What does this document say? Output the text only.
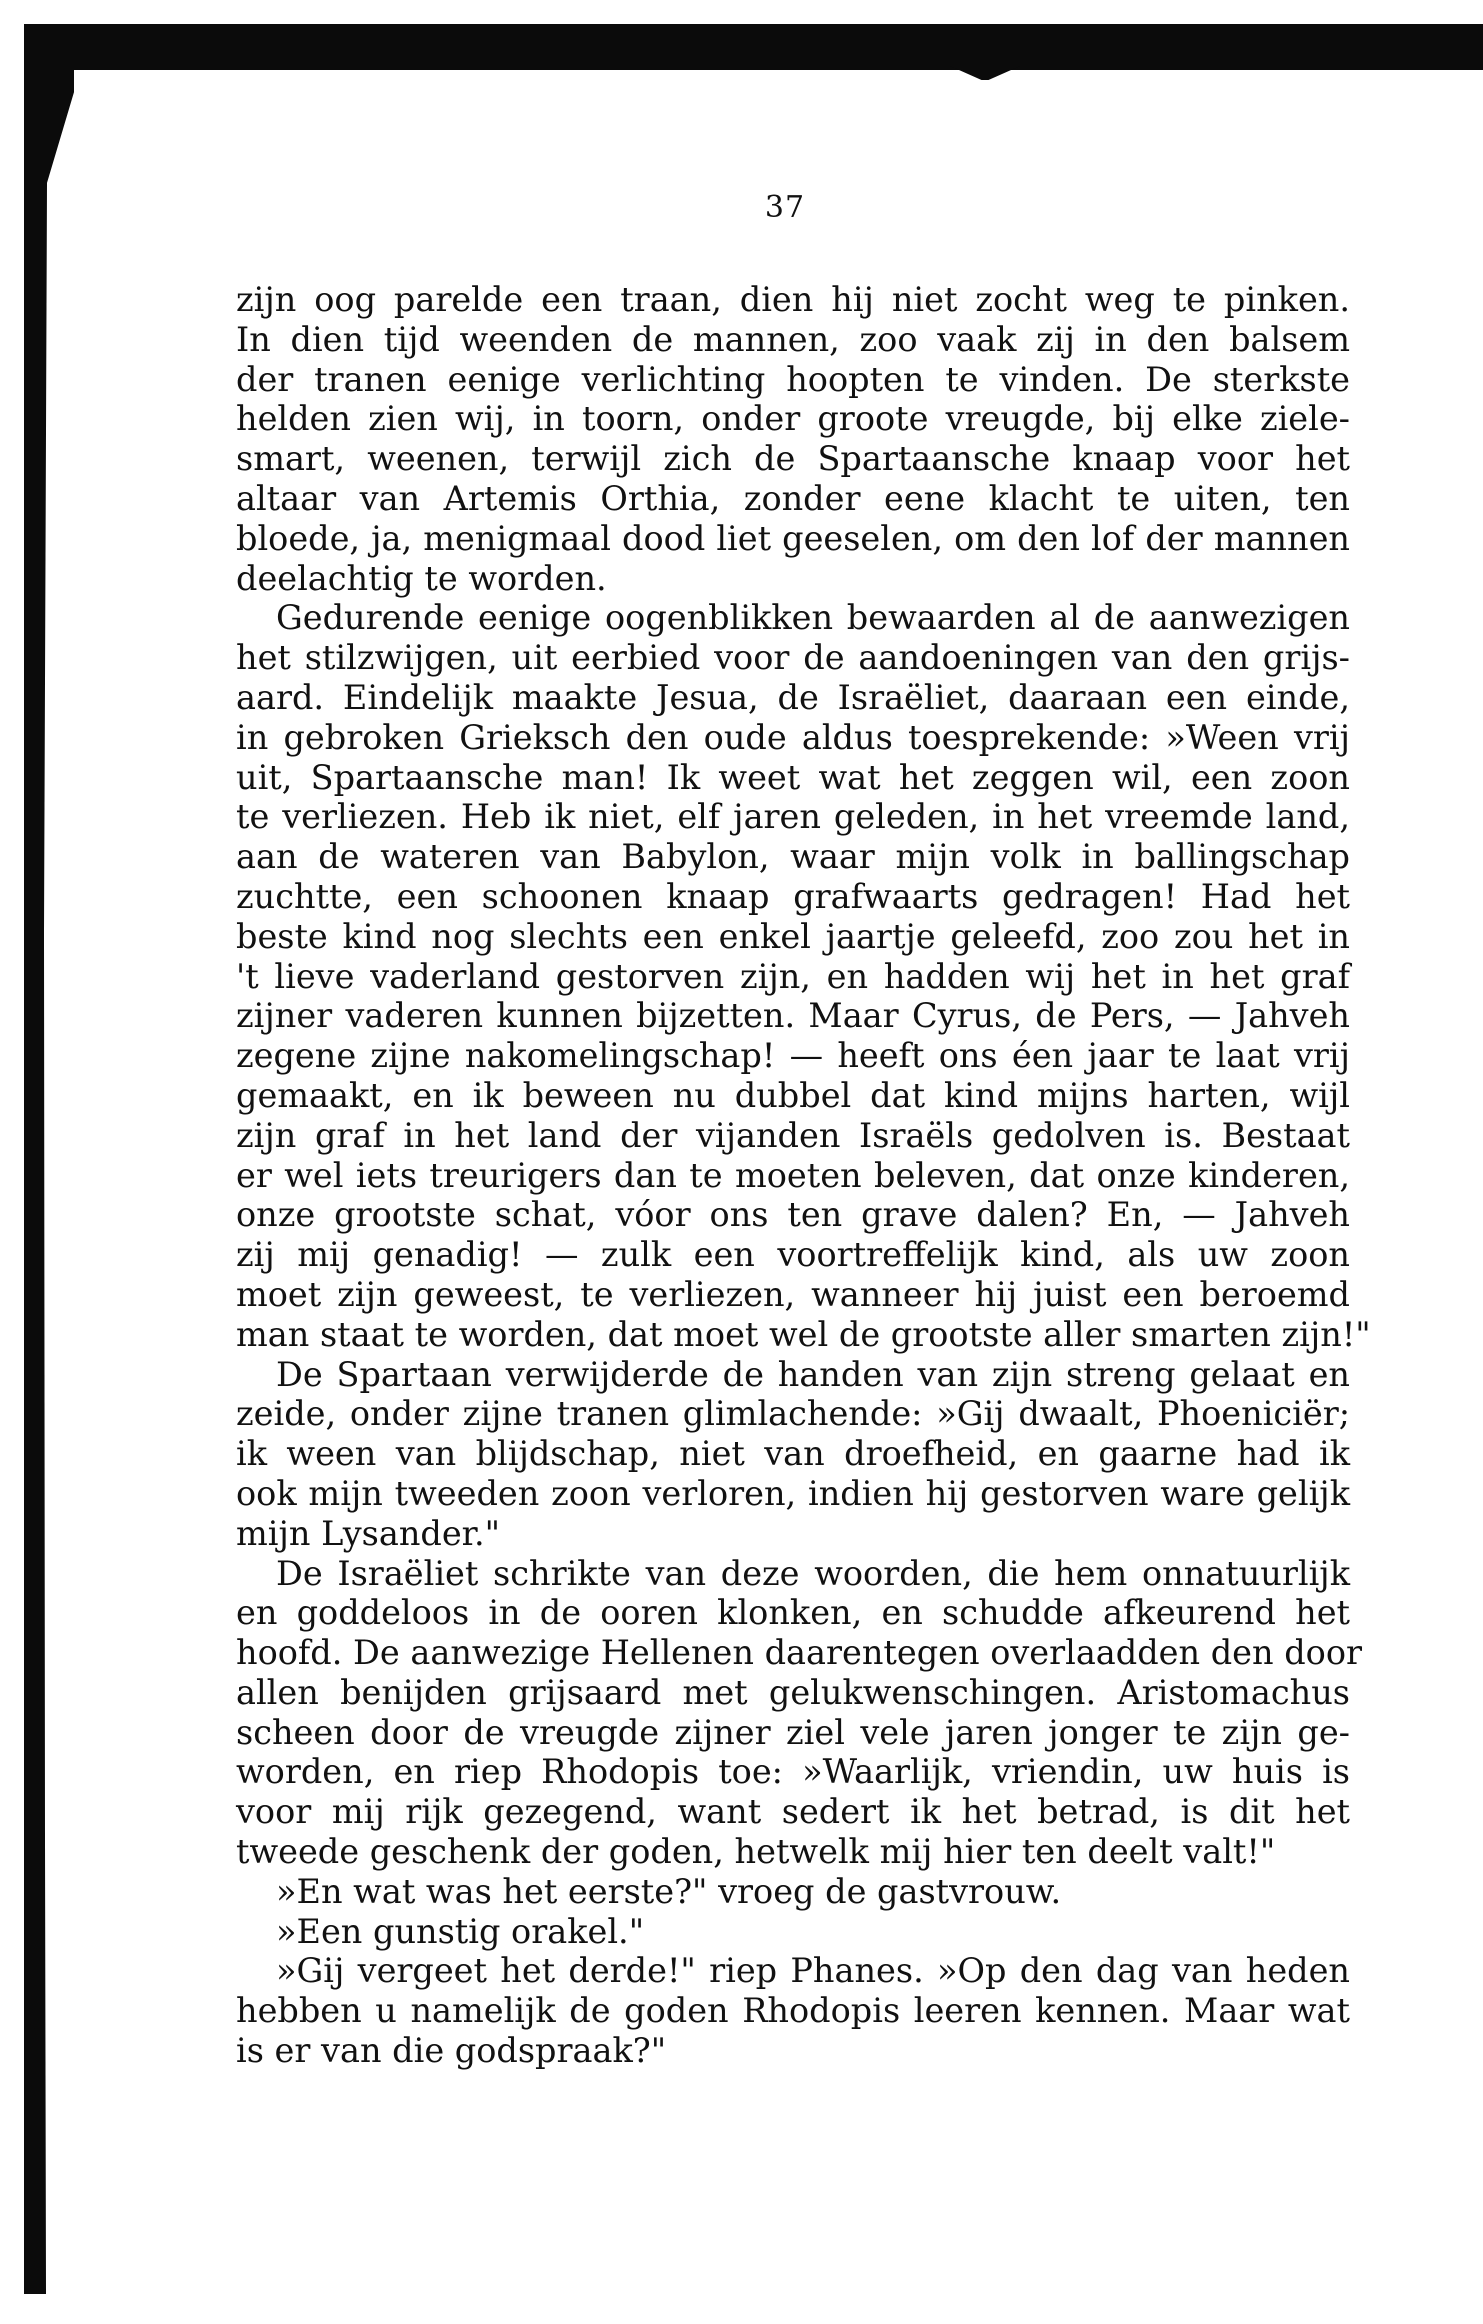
37
zijn oog parelde een traan, dien hij niet zocht weg te pinken.
In dien tijd weenden de mannen, zoo vaak zij in den balsem
der tranen eenige verlichting hoopten te vinden. De sterkste
helden zien wij, in toorn, onder groote vreugde, bij elke ziele-
smart, weenen, terwijl zich de Spartaansche knaap voor het
altaar van Artemis Orthia, zonder eene klacht te uiten, ten
bloede, ja, menigmaal dood liet geeselen, om den lof der mannen
deelachtig te worden.
Gedurende eenige oogenblikken bewaarden al de aanwezigen
het stilzwijgen, uit eerbied voor de aandoeningen van den grijs-
aard. Eindelijk maakte Jesua, de Israëliet, daaraan een einde,
in gebroken Grieksch den oude aldus toesprekende: »Ween vrij
uit, Spartaansche man! Ik weet wat het zeggen wil, een zoon
te verliezen. Heb ik niet, elf jaren geleden, in het vreemde land,
aan de wateren van Babylon, waar mijn volk in ballingschap
zuchtte, een schoonen knaap grafwaarts gedragen! Had het
beste kind nog slechts een enkel jaartje geleefd, zoo zou het in
't lieve vaderland gestorven zijn, en hadden wij het in het graf
zijner vaderen kunnen bijzetten. Maar Cyrus, de Pers, — Jahveh
zegene zijne nakomelingschap! — heeft ons éen jaar te laat vrij
gemaakt, en ik beween nu dubbel dat kind mijns harten, wijl
zijn graf in het land der vijanden Israëls gedolven is. Bestaat
er wel iets treurigers dan te moeten beleven, dat onze kinderen,
onze grootste schat, vóor ons ten grave dalen? En, — Jahveh
zij mij genadig! — zulk een voortreffelijk kind, als uw zoon
moet zijn geweest, te verliezen, wanneer hij juist een beroemd
man staat te worden, dat moet wel de grootste aller smarten zijn!"
De Spartaan verwijderde de handen van zijn streng gelaat en
zeide, onder zijne tranen glimlachende: »Gij dwaalt, Phoeniciër;
ik ween van blijdschap, niet van droefheid, en gaarne had ik
ook mijn tweeden zoon verloren, indien hij gestorven ware gelijk
mijn Lysander."
De Israëliet schrikte van deze woorden, die hem onnatuurlijk
en goddeloos in de ooren klonken, en schudde afkeurend het
hoofd. De aanwezige Hellenen daarentegen overlaadden den door
allen benijden grijsaard met gelukwenschingen. Aristomachus
scheen door de vreugde zijner ziel vele jaren jonger te zijn ge-
worden, en riep Rhodopis toe: »Waarlijk, vriendin, uw huis is
voor mij rijk gezegend, want sedert ik het betrad, is dit het
tweede geschenk der goden, hetwelk mij hier ten deelt valt!"
»En wat was het eerste?" vroeg de gastvrouw.
»Een gunstig orakel."
»Gij vergeet het derde!" riep Phanes. »Op den dag van heden
hebben u namelijk de goden Rhodopis leeren kennen. Maar wat
is er van die godspraak?"
